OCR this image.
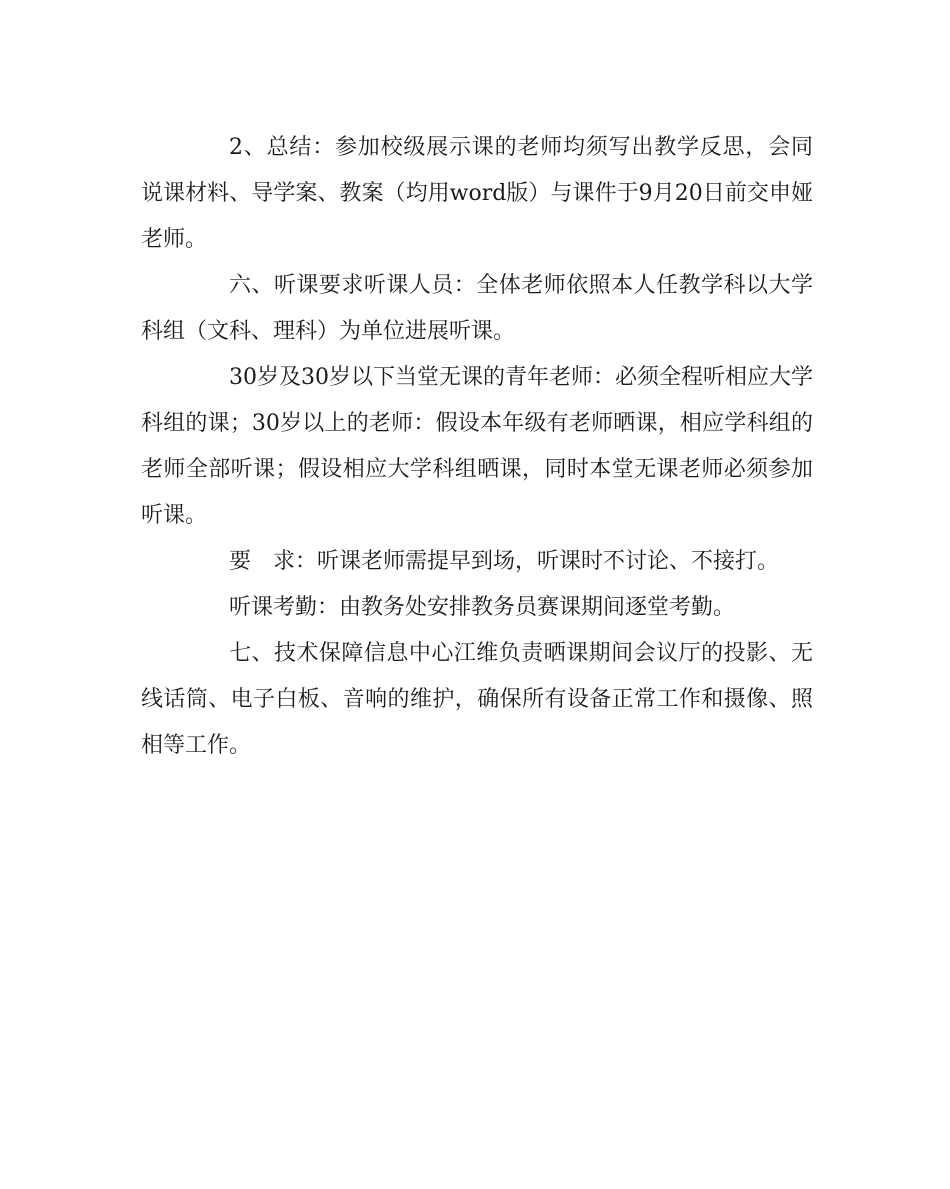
2、总结：参加校级展示课的老师均须写出教学反思，会同说课材料、导学案、教案（均用word版）与课件于9月20日前交申娅老师。

六、听课要求听课人员：全体老师依照本人任教学科以大学科组（文科、理科）为单位进展听课。

30岁及30岁以下当堂无课的青年老师：必须全程听相应大学科组的课；30岁以上的老师：假设本年级有老师晒课，相应学科组的老师全部听课；假设相应大学科组晒课，同时本堂无课老师必须参加听课。

要　求：听课老师需提早到场，听课时不讨论、不接打。

听课考勤：由教务处安排教务员赛课期间逐堂考勤。

七、技术保障信息中心江维负责晒课期间会议厅的投影、无线话筒、电子白板、音响的维护，确保所有设备正常工作和摄像、照相等工作。
